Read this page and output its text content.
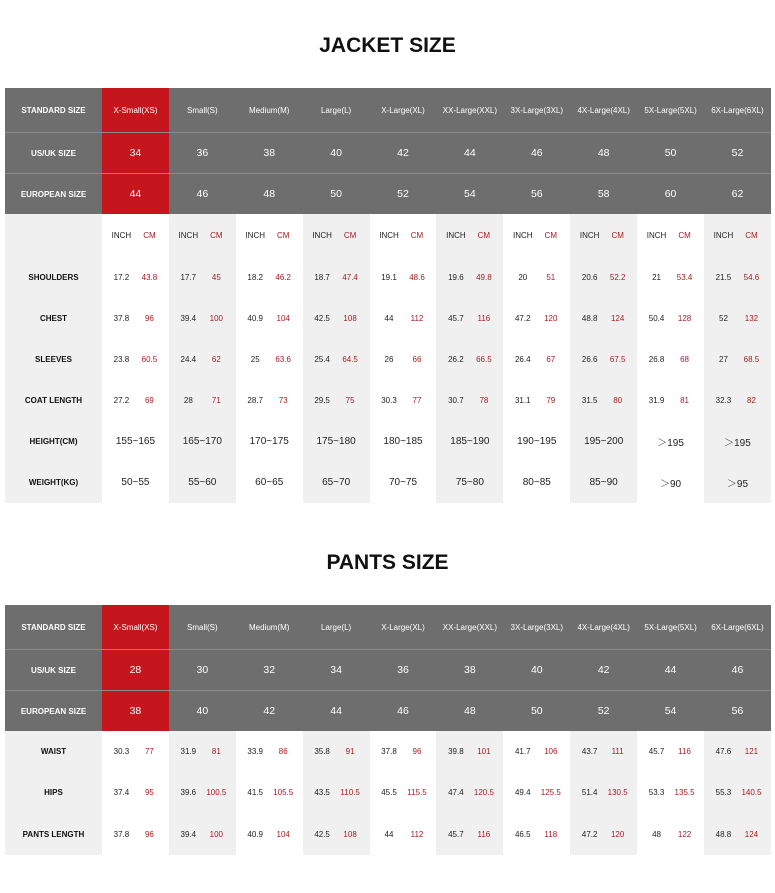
JACKET SIZE
STANDARD SIZE	X-Small(XS)	Small(S)	Medium(M)	Large(L)	X-Large(XL)	XX-Large(XXL)	3X-Large(3XL)	4X-Large(4XL)	5X-Large(5XL)	6X-Large(6XL)
US/UK SIZE	34	36	38	40	42	44	46	48	50	52
EUROPEAN SIZE	44	46	48	50	52	54	56	58	60	62
INCH	CM	INCH	CM	INCH	CM	INCH	CM	INCH	CM	INCH	CM	INCH	CM	INCH	CM	INCH	CM	INCH	CM
SHOULDERS	17.2	43.8	17.7	45	18.2	46.2	18.7	47.4	19.1	48.6	19.6	49.8	20	51	20.6	52.2	21	53.4	21.5	54.6
CHEST	37.8	96	39.4	100	40.9	104	42.5	108	44	112	45.7	116	47.2	120	48.8	124	50.4	128	52	132
SLEEVES	23.8	60.5	24.4	62	25	63.6	25.4	64.5	26	66	26.2	66.5	26.4	67	26.6	67.5	26.8	68	27	68.5
COAT LENGTH	27.2	69	28	71	28.7	73	29.5	75	30.3	77	30.7	78	31.1	79	31.5	80	31.9	81	32.3	82
HEIGHT(CM)	155~165	165~170	170~175	175~180	180~185	185~190	190~195	195~200	＞195	＞195
WEIGHT(KG)	50~55	55~60	60~65	65~70	70~75	75~80	80~85	85~90	＞90	＞95
PANTS SIZE
STANDARD SIZE	X-Small(XS)	Small(S)	Medium(M)	Large(L)	X-Large(XL)	XX-Large(XXL)	3X-Large(3XL)	4X-Large(4XL)	5X-Large(5XL)	6X-Large(6XL)
US/UK SIZE	28	30	32	34	36	38	40	42	44	46
EUROPEAN SIZE	38	40	42	44	46	48	50	52	54	56
WAIST	30.3	77	31.9	81	33.9	86	35.8	91	37.8	96	39.8	101	41.7	106	43.7	111	45.7	116	47.6	121
HIPS	37.4	95	39.6	100.5	41.5	105.5	43.5	110.5	45.5	115.5	47.4	120.5	49.4	125.5	51.4	130.5	53.3	135.5	55.3	140.5
PANTS LENGTH	37.8	96	39.4	100	40.9	104	42.5	108	44	112	45.7	116	46.5	118	47.2	120	48	122	48.8	124
